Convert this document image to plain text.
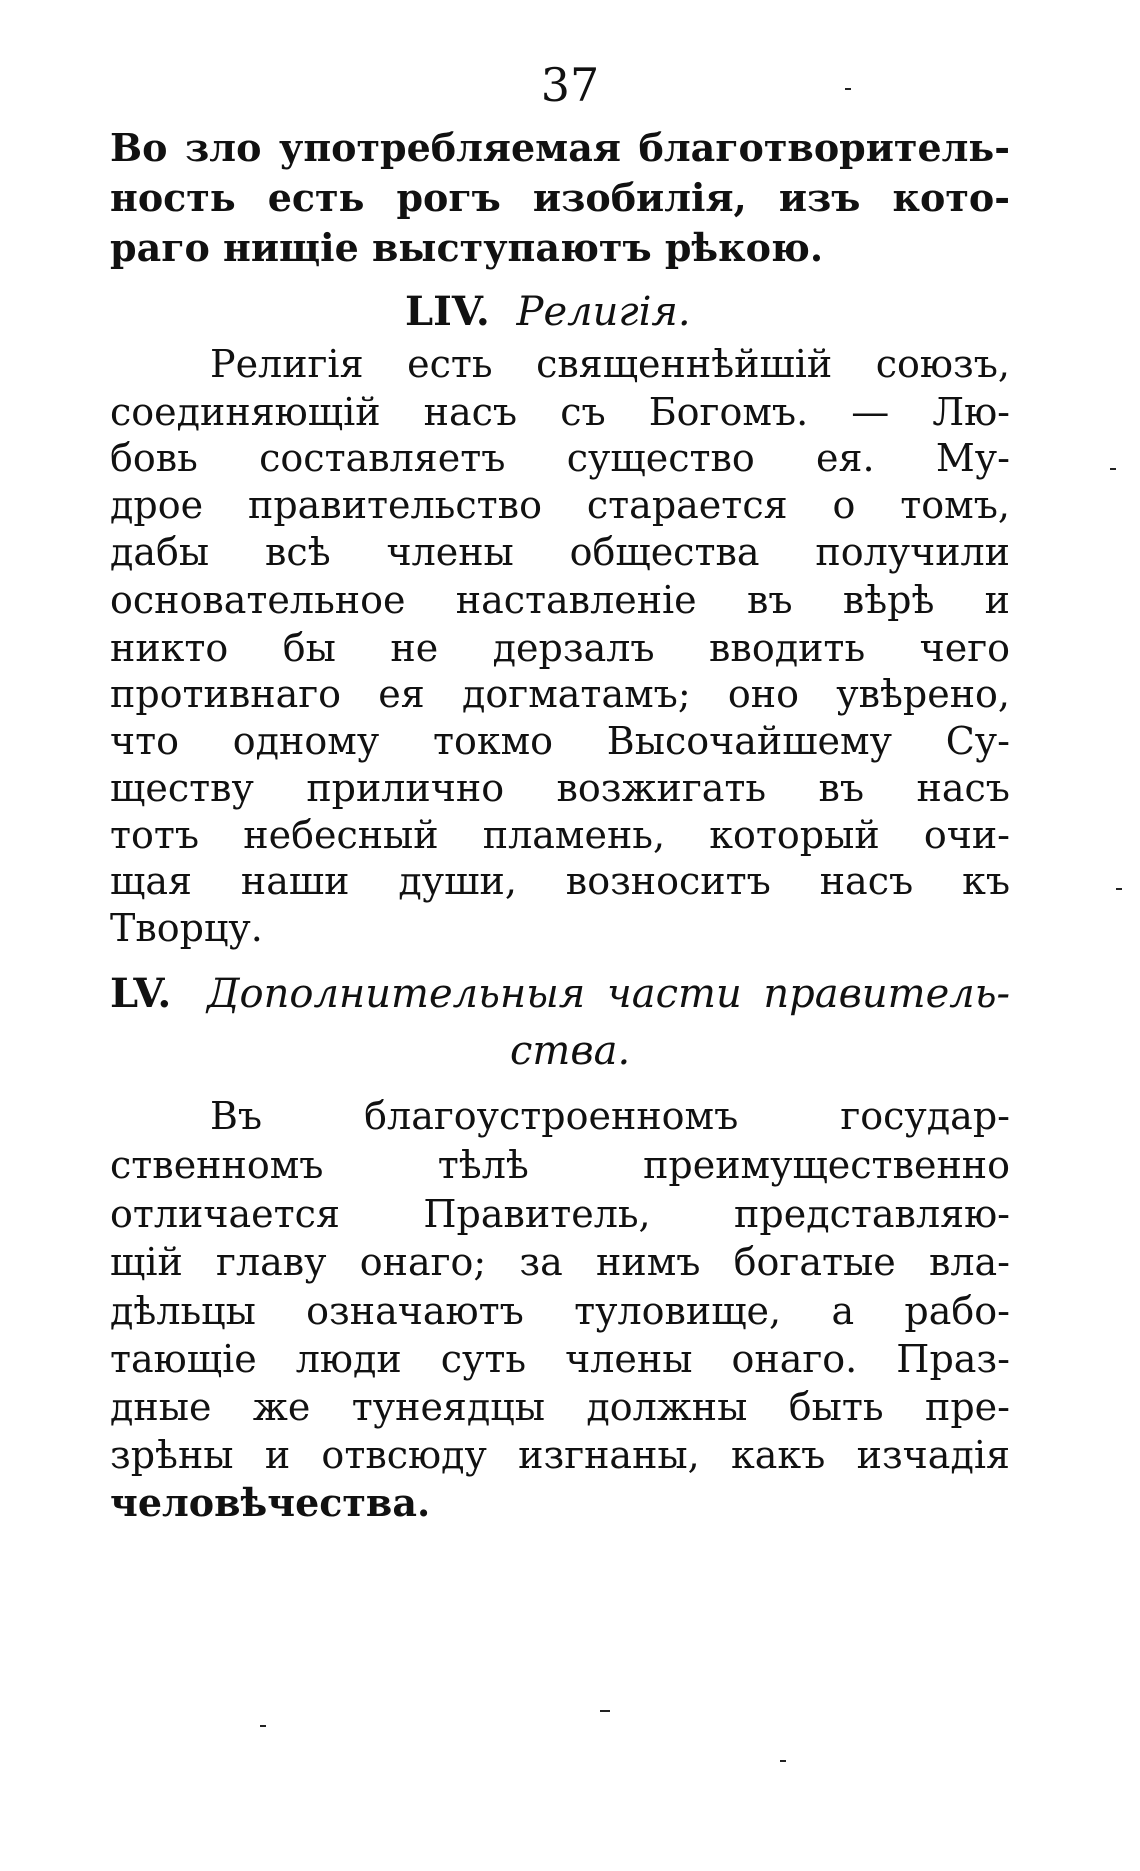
37
Во зло употребляемая благотворитель-
ность есть рогъ изобилія, изъ кото-
раго нищіе выступаютъ рѣкою.
LIV. Религія.
Религія есть священнѣйшій союзъ,
соединяющій насъ съ Богомъ. — Лю-
бовь составляетъ существо ея. Му-
дрое правительство старается о томъ,
дабы всѣ члены общества получили
основательное наставленіе въ вѣрѣ и
никто бы не дерзалъ вводить чего
противнаго ея догматамъ; оно увѣрено,
что одному токмо Высочайшему Су-
ществу прилично возжигать въ насъ
тотъ небесный пламень, который очи-
щая наши души, возноситъ насъ къ
Творцу.
LV. Дополнительныя части правитель-
ства.
Въ благоустроенномъ государ-
ственномъ тѣлѣ преимущественно
отличается Правитель, представляю-
щій главу онаго; за нимъ богатые вла-
дѣльцы означаютъ туловище, а рабо-
тающіе люди суть члены онаго. Праз-
дные же тунеядцы должны быть пре-
зрѣны и отвсюду изгнаны, какъ изчадія
человѣчества.
